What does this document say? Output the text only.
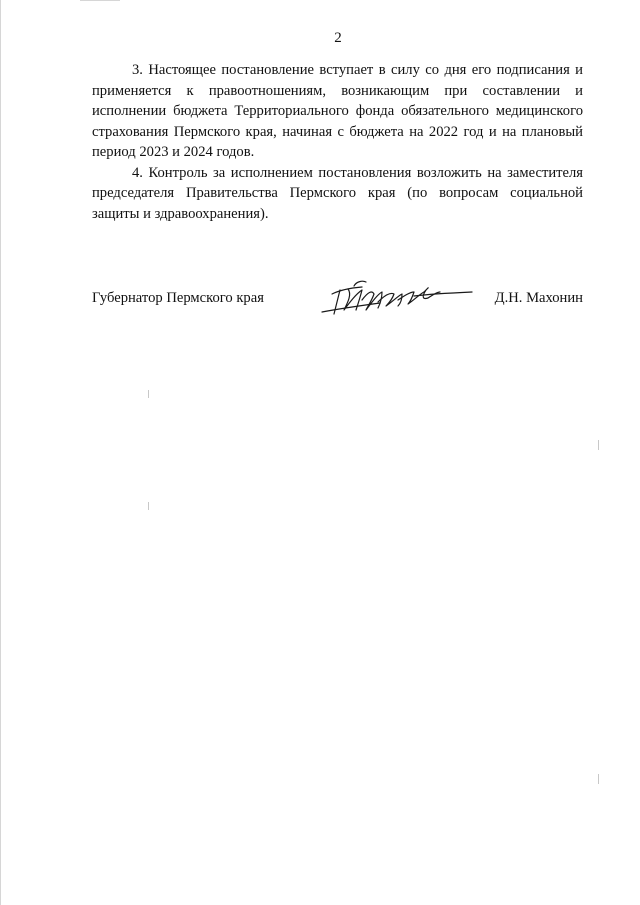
2

3. Настоящее постановление вступает в силу со дня его подписания и применяется к правоотношениям, возникающим при составлении и исполнении бюджета Территориального фонда обязательного медицинского страхования Пермского края, начиная с бюджета на 2022 год и на плановый период 2023 и 2024 годов.

4. Контроль за исполнением постановления возложить на заместителя председателя Правительства Пермского края (по вопросам социальной защиты и здравоохранения).

Губернатор Пермского края	Д.Н. Махонин
